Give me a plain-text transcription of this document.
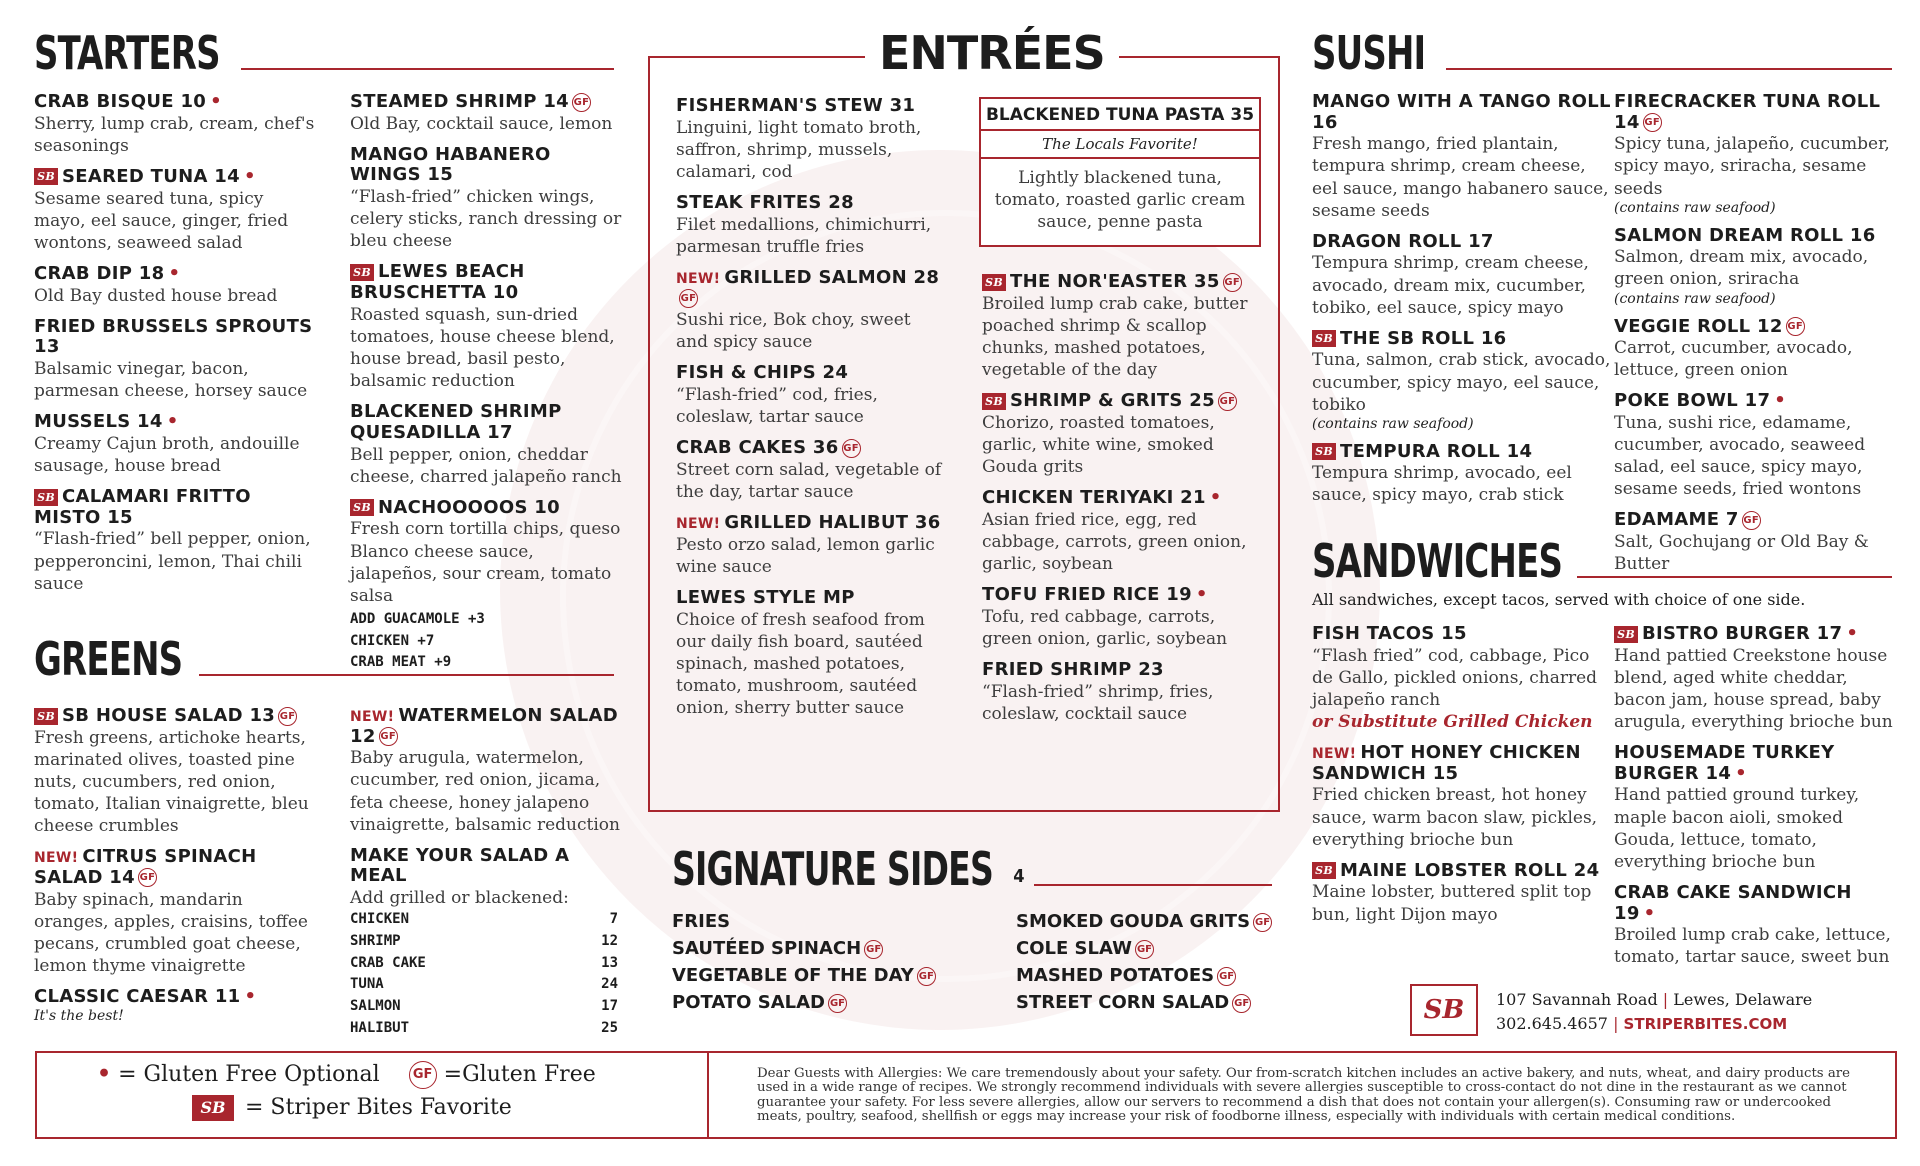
STARTERS
CRAB BISQUE 10 •
Sherry, lump crab, cream, chef's seasonings
SB SEARED TUNA 14 •
Sesame seared tuna, spicy mayo, eel sauce, ginger, fried wontons, seaweed salad
CRAB DIP 18 •
Old Bay dusted house bread
FRIED BRUSSELS SPROUTS 13
Balsamic vinegar, bacon, parmesan cheese, horsey sauce
MUSSELS 14 •
Creamy Cajun broth, andouille sausage, house bread
SB CALAMARI FRITTO MISTO 15
“Flash-fried” bell pepper, onion, pepperoncini, lemon, Thai chili sauce
STEAMED SHRIMP 14 GF
Old Bay, cocktail sauce, lemon
MANGO HABANERO WINGS 15
“Flash-fried” chicken wings, celery sticks, ranch dressing or bleu cheese
SB LEWES BEACH BRUSCHETTA 10
Roasted squash, sun-dried tomatoes, house cheese blend, house bread, basil pesto, balsamic reduction
BLACKENED SHRIMP QUESADILLA 17
Bell pepper, onion, cheddar cheese, charred jalapeño ranch
SB NACHOOOOOS 10
Fresh corn tortilla chips, queso Blanco cheese sauce, jalapeños, sour cream, tomato salsa
ADD GUACAMOLE +3
CHICKEN +7
CRAB MEAT +9
GREENS
SB SB HOUSE SALAD 13 GF
Fresh greens, artichoke hearts, marinated olives, toasted pine nuts, cucumbers, red onion, tomato, Italian vinaigrette, bleu cheese crumbles
NEW! CITRUS SPINACH SALAD 14 GF
Baby spinach, mandarin oranges, apples, craisins, toffee pecans, crumbled goat cheese, lemon thyme vinaigrette
CLASSIC CAESAR 11 •
It's the best!
NEW! WATERMELON SALAD 12 GF
Baby arugula, watermelon, cucumber, red onion, jicama, feta cheese, honey jalapeno vinaigrette, balsamic reduction
MAKE YOUR SALAD A MEAL
Add grilled or blackened:
CHICKEN	7
SHRIMP	12
CRAB CAKE	13
TUNA	24
SALMON	17
HALIBUT	25
ENTRÉES
FISHERMAN'S STEW 31
Linguini, light tomato broth, saffron, shrimp, mussels, calamari, cod
STEAK FRITES 28
Filet medallions, chimichurri, parmesan truffle fries
NEW! GRILLED SALMON 28GF
Sushi rice, Bok choy, sweet and spicy sauce
FISH & CHIPS 24
“Flash-fried” cod, fries, coleslaw, tartar sauce
CRAB CAKES 36 GF
Street corn salad, vegetable of the day, tartar sauce
NEW! GRILLED HALIBUT 36
Pesto orzo salad, lemon garlic wine sauce
LEWES STYLE MP
Choice of fresh seafood from our daily fish board, sautéed spinach, mashed potatoes, tomato, mushroom, sautéed onion, sherry butter sauce
BLACKENED TUNA PASTA 35
The Locals Favorite!
Lightly blackened tuna, tomato, roasted garlic cream sauce, penne pasta
SB THE NOR'EASTER 35 GF
Broiled lump crab cake, butter poached shrimp & scallop chunks, mashed potatoes, vegetable of the day
SB SHRIMP & GRITS 25 GF
Chorizo, roasted tomatoes, garlic, white wine, smoked Gouda grits
CHICKEN TERIYAKI 21 •
Asian fried rice, egg, red cabbage, carrots, green onion, garlic, soybean
TOFU FRIED RICE 19 •
Tofu, red cabbage, carrots, green onion, garlic, soybean
FRIED SHRIMP 23
“Flash-fried” shrimp, fries, coleslaw, cocktail sauce
SIGNATURE SIDES 4
FRIES
SAUTÉED SPINACH GF
VEGETABLE OF THE DAY GF
POTATO SALAD GF
SMOKED GOUDA GRITS GF
COLE SLAW GF
MASHED POTATOES GF
STREET CORN SALAD GF
SUSHI
MANGO WITH A TANGO ROLL 16
Fresh mango, fried plantain, tempura shrimp, cream cheese, eel sauce, mango habanero sauce, sesame seeds
DRAGON ROLL 17
Tempura shrimp, cream cheese, avocado, dream mix, cucumber, tobiko, eel sauce, spicy mayo
SB THE SB ROLL 16
Tuna, salmon, crab stick, avocado, cucumber, spicy mayo, eel sauce, tobiko
(contains raw seafood)
SB TEMPURA ROLL 14
Tempura shrimp, avocado, eel sauce, spicy mayo, crab stick
FIRECRACKER TUNA ROLL 14 GF
Spicy tuna, jalapeño, cucumber, spicy mayo, sriracha, sesame seeds
(contains raw seafood)
SALMON DREAM ROLL 16
Salmon, dream mix, avocado, green onion, sriracha
(contains raw seafood)
VEGGIE ROLL 12 GF
Carrot, cucumber, avocado, lettuce, green onion
POKE BOWL 17 •
Tuna, sushi rice, edamame, cucumber, avocado, seaweed salad, eel sauce, spicy mayo, sesame seeds, fried wontons
EDAMAME 7 GF
Salt, Gochujang or Old Bay & Butter
SANDWICHES
All sandwiches, except tacos, served with choice of one side.
FISH TACOS 15
“Flash fried” cod, cabbage, Pico de Gallo, pickled onions, charred jalapeño ranch
or Substitute Grilled Chicken
NEW! HOT HONEY CHICKEN SANDWICH 15
Fried chicken breast, hot honey sauce, warm bacon slaw, pickles, everything brioche bun
SB MAINE LOBSTER ROLL 24
Maine lobster, buttered split top bun, light Dijon mayo
SB BISTRO BURGER 17 •
Hand pattied Creekstone house blend, aged white cheddar, bacon jam, house spread, baby arugula, everything brioche bun
HOUSEMADE TURKEY BURGER 14 •
Hand pattied ground turkey, maple bacon aioli, smoked Gouda, lettuce, tomato, everything brioche bun
CRAB CAKE SANDWICH 19 •
Broiled lump crab cake, lettuce, tomato, tartar sauce, sweet bun
SB	107 Savannah Road | Lewes, Delaware
302.645.4657 | STRIPERBITES.COM
• = Gluten Free Optional	GF =Gluten Free
SB = Striper Bites Favorite
Dear Guests with Allergies: We care tremendously about your safety. Our from-scratch kitchen includes an active bakery, and nuts, wheat, and dairy products are used in a wide range of recipes. We strongly recommend individuals with severe allergies susceptible to cross-contact do not dine in the restaurant as we cannot guarantee your safety. For less severe allergies, allow our servers to recommend a dish that does not contain your allergen(s). Consuming raw or undercooked meats, poultry, seafood, shellfish or eggs may increase your risk of foodborne illness, especially with individuals with certain medical conditions.
